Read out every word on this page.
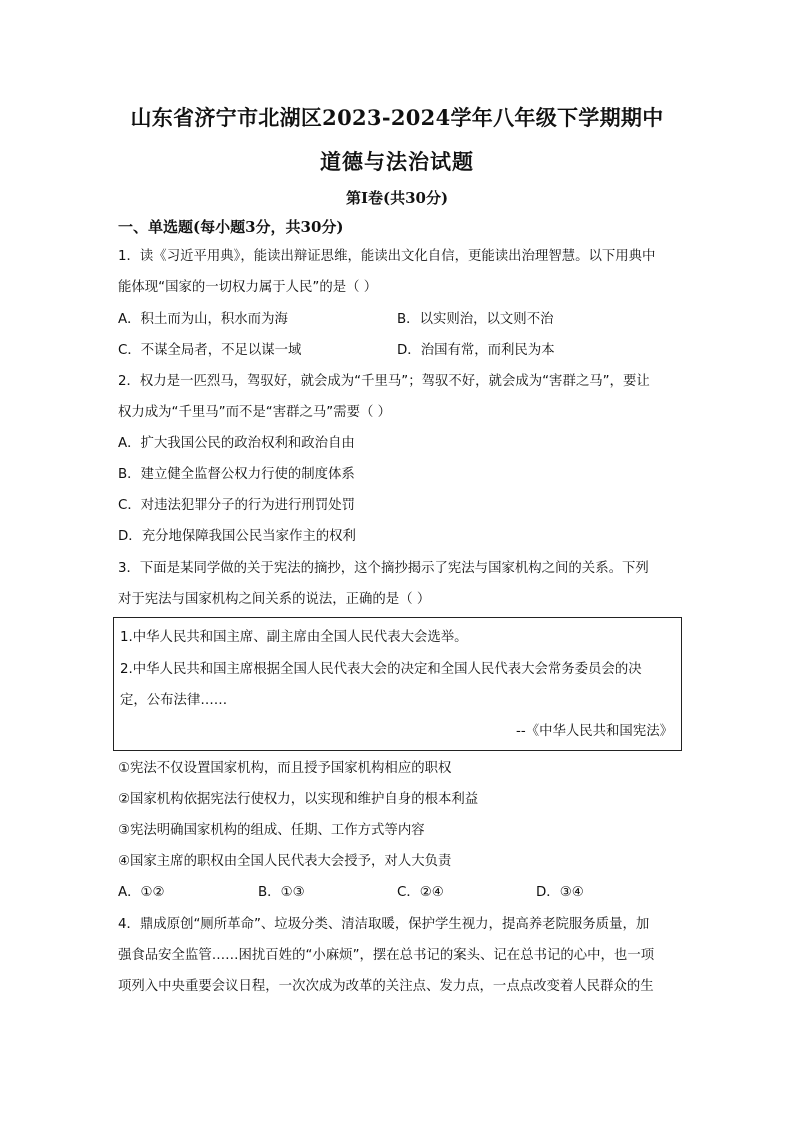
山东省济宁市北湖区2023-2024学年八年级下学期期中
道德与法治试题
第Ⅰ卷(共30分)
一、单选题(每小题3分，共30分)
1．读《习近平用典》，能读出辩证思维，能读出文化自信，更能读出治理智慧。以下用典中
能体现“国家的一切权力属于人民”的是（ ）
A．积土而为山，积水而为海	B．以实则治，以文则不治
C．不谋全局者，不足以谋一域	D．治国有常，而利民为本
2．权力是一匹烈马，驾驭好，就会成为“千里马”；驾驭不好，就会成为“害群之马”，要让
权力成为“千里马”而不是“害群之马”需要（ ）
A．扩大我国公民的政治权利和政治自由
B．建立健全监督公权力行使的制度体系
C．对违法犯罪分子的行为进行刑罚处罚
D．充分地保障我国公民当家作主的权利
3．下面是某同学做的关于宪法的摘抄，这个摘抄揭示了宪法与国家机构之间的关系。下列
对于宪法与国家机构之间关系的说法，正确的是（ ）
1.中华人民共和国主席、副主席由全国人民代表大会选举。
2.中华人民共和国主席根据全国人民代表大会的决定和全国人民代表大会常务委员会的决
定，公布法律……
--《中华人民共和国宪法》
①宪法不仅设置国家机构，而且授予国家机构相应的职权
②国家机构依据宪法行使权力，以实现和维护自身的根本利益
③宪法明确国家机构的组成、任期、工作方式等内容
④国家主席的职权由全国人民代表大会授予，对人大负责
A．①②	B．①③	C．②④	D．③④
4．鼎成原创“厕所革命”、垃圾分类、清洁取暖，保护学生视力，提高养老院服务质量，加
强食品安全监管……困扰百姓的“小麻烦”，摆在总书记的案头、记在总书记的心中，也一项
项列入中央重要会议日程，一次次成为改革的关注点、发力点，一点点改变着人民群众的生
